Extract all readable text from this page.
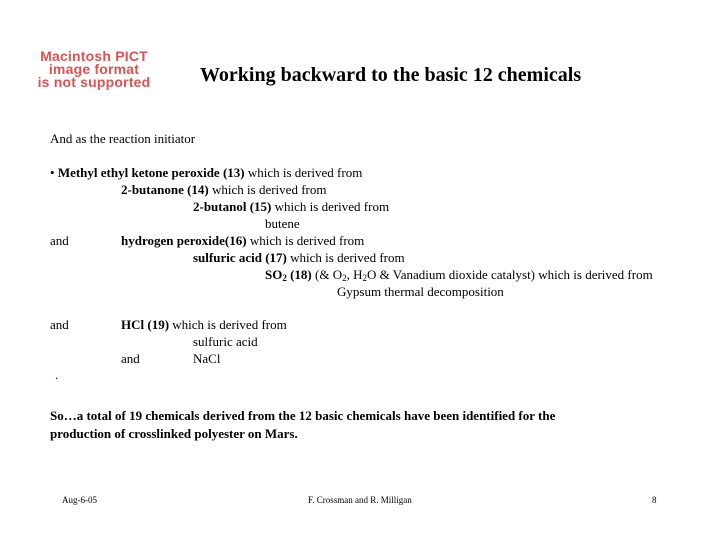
Macintosh PICT
image format
is not supported	Working backward to the basic 12 chemicals
And as the reaction initiator
• Methyl ethyl ketone peroxide (13) which is derived from
2-butanone (14) which is derived from
2-butanol (15) which is derived from
butene
and	hydrogen peroxide(16) which is derived from
sulfuric acid (17) which is derived from
$SO_2$ (18) (& $O_2$, $H_2O$ & Vanadium dioxide catalyst) which is derived from
Gypsum thermal decomposition
and	HCl (19) which is derived from
sulfuric acid
and	NaCl
.
So…a total of 19 chemicals derived from the 12 basic chemicals have been identified for the
production of crosslinked polyester on Mars.
Aug-6-05	F. Crossman and R. Milligan	8
